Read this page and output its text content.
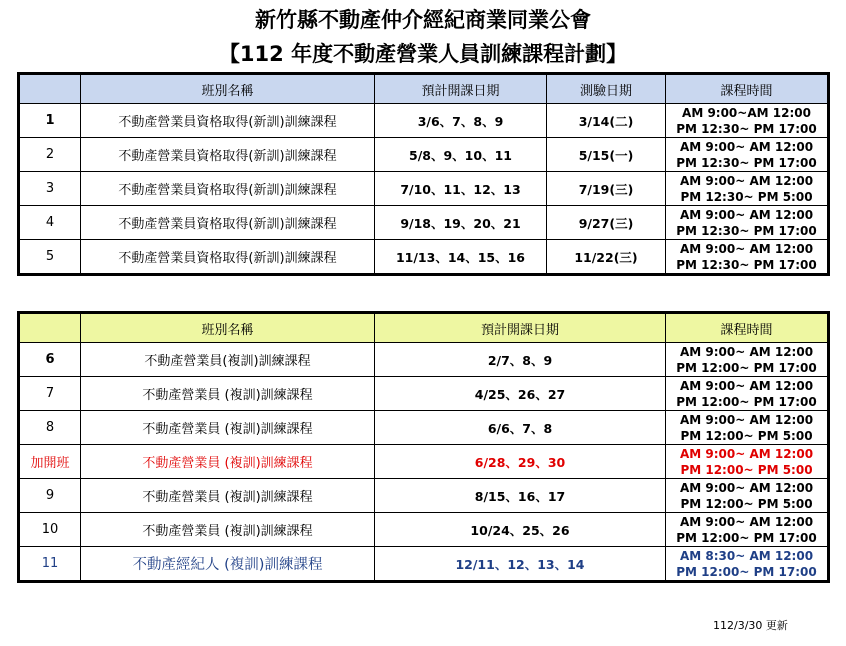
新竹縣不動產仲介經紀商業同業公會
【112 年度不動產營業人員訓練課程計劃】
	班別名稱	預計開課日期	測驗日期	課程時間
1	不動產營業員資格取得(新訓)訓練課程	3/6、7、8、9	3/14(二)	AM 9:00~AM 12:00
PM 12:30~ PM 17:00

2	不動產營業員資格取得(新訓)訓練課程	5/8、9、10、11	5/15(一)	AM 9:00~ AM 12:00
PM 12:30~ PM 17:00

3	不動產營業員資格取得(新訓)訓練課程	7/10、11、12、13	7/19(三)	AM 9:00~ AM 12:00
PM 12:30~ PM 5:00

4	不動產營業員資格取得(新訓)訓練課程	9/18、19、20、21	9/27(三)	AM 9:00~ AM 12:00
PM 12:30~ PM 17:00

5	不動產營業員資格取得(新訓)訓練課程	11/13、14、15、16	11/22(三)	AM 9:00~ AM 12:00
PM 12:30~ PM 17:00
	班別名稱	預計開課日期	課程時間
6	不動產營業員(複訓)訓練課程	2/7、8、9	AM 9:00~ AM 12:00
PM 12:00~ PM 17:00

7	不動產營業員 (複訓)訓練課程	4/25、26、27	AM 9:00~ AM 12:00
PM 12:00~ PM 17:00

8	不動產營業員 (複訓)訓練課程	6/6、7、8	AM 9:00~ AM 12:00
PM 12:00~ PM 5:00

加開班	不動產營業員 (複訓)訓練課程	6/28、29、30	AM 9:00~ AM 12:00
PM 12:00~ PM 5:00

9	不動產營業員 (複訓)訓練課程	8/15、16、17	AM 9:00~ AM 12:00
PM 12:00~ PM 5:00

10	不動產營業員 (複訓)訓練課程	10/24、25、26	AM 9:00~ AM 12:00
PM 12:00~ PM 17:00

11	不動產經紀人 (複訓)訓練課程	12/11、12、13、14	AM 8:30~ AM 12:00
PM 12:00~ PM 17:00
112/3/30 更新
